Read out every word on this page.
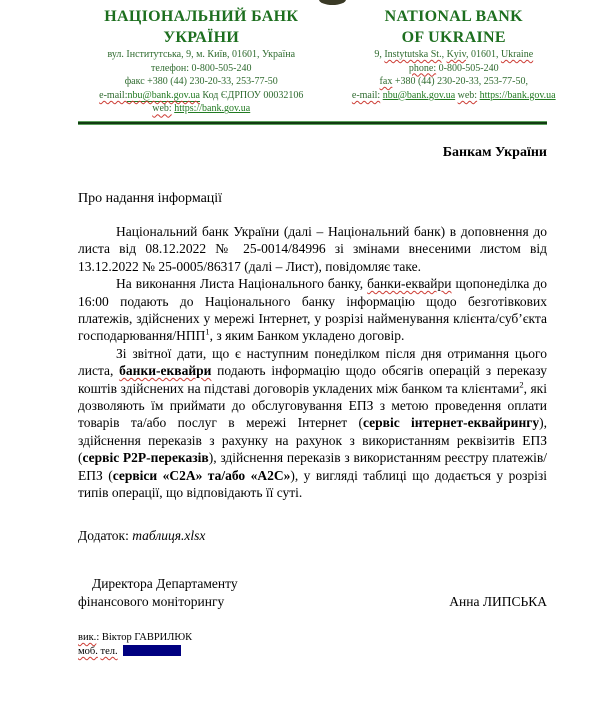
НАЦІОНАЛЬНИЙ БАНК
УКРАЇНИ
вул. Інститутська, 9, м. Київ, 01601, Україна
телефон: 0-800-505-240
факс +380 (44) 230-20-33, 253-77-50
e-mail:nbu@bank.gov.ua Код ЄДРПОУ 00032106
web: https://bank.gov.ua
NATIONAL BANK
OF UKRAINE
9, Instytutska St., Kyiv, 01601, Ukraine
phone: 0-800-505-240
fax +380 (44) 230-20-33, 253-77-50,
e-mail: nbu@bank.gov.ua web: https://bank.gov.ua
Банкам України
Про надання інформації

Національний банк України (далі – Національний банк) в доповнення до листа від 08.12.2022 № 25-0014/84996 зі змінами внесеними листом від 13.12.2022 № 25-0005/86317 (далі – Лист), повідомляє таке.

На виконання Листа Національного банку, банки-еквайри щопонеділка до 16:00 подають до Національного банку інформацію щодо безготівкових платежів, здійснених у мережі Інтернет, у розрізі найменування клієнта/суб’єкта господарювання/НПП$^1$, з яким Банком укладено договір.

Зі звітної дати, що є наступним понеділком після дня отримання цього листа, банки-еквайри подають інформацію щодо обсягів операцій з переказу коштів здійснених на підставі договорів укладених між банком та клієнтами$^2$, які дозволяють їм приймати до обслуговування ЕПЗ з метою проведення оплати товарів та/або послуг в мережі Інтернет (сервіс інтернет-еквайрингу), здійснення переказів з рахунку на рахунок з використанням реквізитів ЕПЗ (сервіс P2P-переказів), здійснення переказів з використанням реєстру платежів/ЕПЗ (сервіси «С2А» та/або «А2С»), у вигляді таблиці що додається у розрізі типів операції, що відповідають її суті.

Додаток: таблиця.xlsx
Директора Департаменту
фінансового моніторингу	Анна ЛИПСЬКА
вик.: Віктор ГАВРИЛЮК
моб. тел.
